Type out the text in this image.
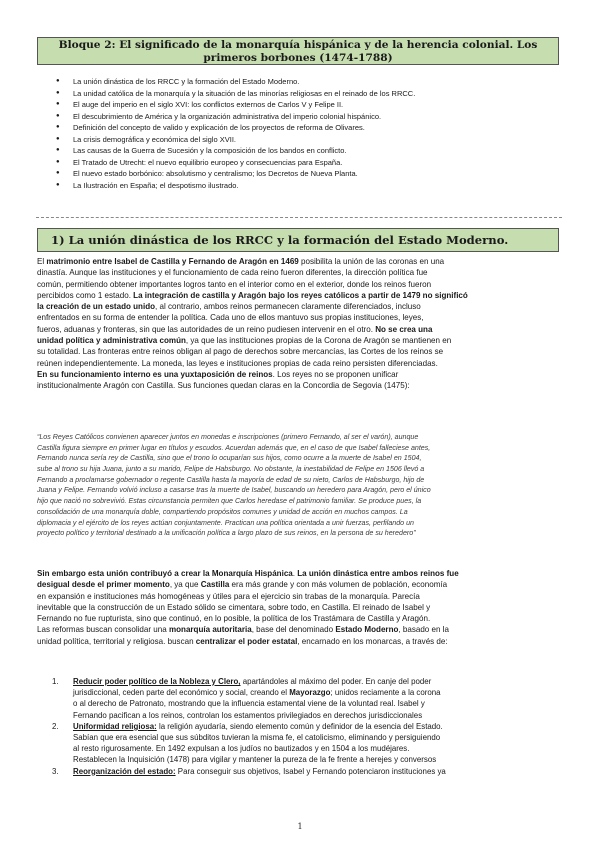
Bloque 2: El significado de la monarquía hispánica y de la herencia colonial. Los
primeros borbones (1474-1788)
● La unión dinástica de los RRCC y la formación del Estado Moderno.
● La unidad católica de la monarquía y la situación de las minorías religiosas en el reinado de los RRCC.
● El auge del imperio en el siglo XVI: los conflictos externos de Carlos V y Felipe II.
● El descubrimiento de América y la organización administrativa del imperio colonial hispánico.
● Definición del concepto de valido y explicación de los proyectos de reforma de Olivares.
● La crisis demográfica y económica del siglo XVII.
● Las causas de la Guerra de Sucesión y la composición de los bandos en conflicto.
● El Tratado de Utrecht: el nuevo equilibrio europeo y consecuencias para España.
● El nuevo estado borbónico: absolutismo y centralismo; los Decretos de Nueva Planta.
● La Ilustración en España; el despotismo ilustrado.
1) La unión dinástica de los RRCC y la formación del Estado Moderno.
El matrimonio entre Isabel de Castilla y Fernando de Aragón en 1469 posibilita la unión de las coronas en una
dinastía. Aunque las instituciones y el funcionamiento de cada reino fueron diferentes, la dirección política fue
común, permitiendo obtener importantes logros tanto en el interior como en el exterior, donde los reinos fueron
percibidos como 1 estado. La integración de castilla y Aragón bajo los reyes católicos a partir de 1479 no significó
la creación de un estado unido, al contrario, ambos reinos permanecen claramente diferenciados, incluso
enfrentados en su forma de entender la política. Cada uno de ellos mantuvo sus propias instituciones, leyes,
fueros, aduanas y fronteras, sin que las autoridades de un reino pudiesen intervenir en el otro. No se crea una
unidad política y administrativa común, ya que las instituciones propias de la Corona de Aragón se mantienen en
su totalidad. Las fronteras entre reinos obligan al pago de derechos sobre mercancías, las Cortes de los reinos se
reúnen independientemente. La moneda, las leyes e instituciones propias de cada reino persisten diferenciadas.
En su funcionamiento interno es una yuxtaposición de reinos. Los reyes no se proponen unificar
institucionalmente Aragón con Castilla. Sus funciones quedan claras en la Concordia de Segovia (1475):
“Los Reyes Católicos convienen aparecer juntos en monedas e inscripciones (primero Fernando, al ser el varón), aunque
Castilla figura siempre en primer lugar en títulos y escudos. Acuerdan además que, en el caso de que Isabel falleciese antes,
Fernando nunca sería rey de Castilla, sino que el trono lo ocuparían sus hijos, como ocurre a la muerte de Isabel en 1504,
sube al trono su hija Juana, junto a su marido, Felipe de Habsburgo. No obstante, la inestabilidad de Felipe en 1506 llevó a
Fernando a proclamarse gobernador o regente Castilla hasta la mayoría de edad de su nieto, Carlos de Habsburgo, hijo de
Juana y Felipe. Fernando volvió incluso a casarse tras la muerte de Isabel, buscando un heredero para Aragón, pero el único
hijo que nació no sobrevivió. Estas circunstancia permiten que Carlos heredase el patrimonio familiar. Se produce pues, la
consolidación de una monarquía doble, compartiendo propósitos comunes y unidad de acción en muchos campos. La
diplomacia y el ejército de los reyes actúan conjuntamente. Practican una política orientada a unir fuerzas, perfilando un
proyecto político y territorial destinado a la unificación política a largo plazo de sus reinos, en la persona de su heredero”
Sin embargo esta unión contribuyó a crear la Monarquía Hispánica. La unión dinástica entre ambos reinos fue
desigual desde el primer momento, ya que Castilla era más grande y con más volumen de población, economía
en expansión e instituciones más homogéneas y útiles para el ejercicio sin trabas de la monarquía. Parecía
inevitable que la construcción de un Estado sólido se cimentara, sobre todo, en Castilla. El reinado de Isabel y
Fernando no fue rupturista, sino que continuó, en lo posible, la política de los Trastámara de Castilla y Aragón.
Las reformas buscan consolidar una monarquía autoritaria, base del denominado Estado Moderno, basado en la
unidad política, territorial y religiosa. buscan centralizar el poder estatal, encarnado en los monarcas, a través de:
1. Reducir poder político de la Nobleza y Clero, apartándoles al máximo del poder. En canje del poder
jurisdiccional, ceden parte del económico y social, creando el Mayorazgo; unidos reciamente a la corona
o al derecho de Patronato, mostrando que la influencia estamental viene de la voluntad real. Isabel y
Fernando pacifican a los reinos, controlan los estamentos privilegiados en derechos jurisdiccionales
2. Uniformidad religiosa: la religión ayudaría, siendo elemento común y definidor de la esencia del Estado.
Sabían que era esencial que sus súbditos tuvieran la misma fe, el catolicismo, eliminando y persiguiendo
al resto rigurosamente. En 1492 expulsan a los judíos no bautizados y en 1504 a los mudéjares.
Restablecen la Inquisición (1478) para vigilar y mantener la pureza de la fe frente a herejes y conversos
3. Reorganización del estado: Para conseguir sus objetivos, Isabel y Fernando potenciaron instituciones ya
1
